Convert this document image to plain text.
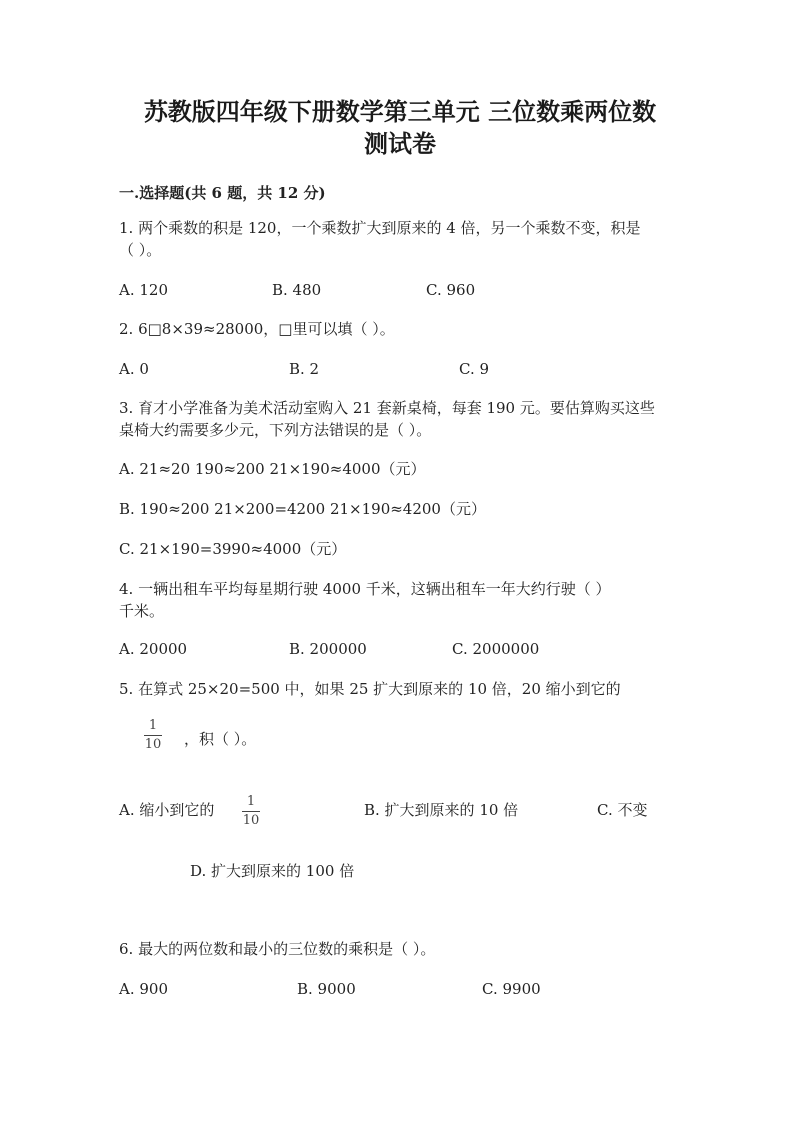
苏教版四年级下册数学第三单元 三位数乘两位数
测试卷
一.选择题(共 6 题，共 12 分)
1. 两个乘数的积是 120，一个乘数扩大到原来的 4 倍，另一个乘数不变，积是
（ ）。
A. 120	B. 480	C. 960
2. 6□8×39≈28000，□里可以填（ ）。
A. 0	B. 2	C. 9
3. 育才小学准备为美术活动室购入 21 套新桌椅，每套 190 元。要估算购买这些
桌椅大约需要多少元，下列方法错误的是（ ）。
A. 21≈20 190≈200 21×190≈4000（元）
B. 190≈200 21×200=4200 21×190≈4200（元）
C. 21×190=3990≈4000（元）
4. 一辆出租车平均每星期行驶 4000 千米，这辆出租车一年大约行驶（ ）
千米。
A. 20000	B. 200000	C. 2000000
5. 在算式 25×20=500 中，如果 25 扩大到原来的 10 倍，20 缩小到它的
1
10 ，积（ ）。
A. 缩小到它的 1
10
B. 扩大到原来的 10 倍	C. 不变
D. 扩大到原来的 100 倍
6. 最大的两位数和最小的三位数的乘积是（ ）。
A. 900	B. 9000	C. 9900
